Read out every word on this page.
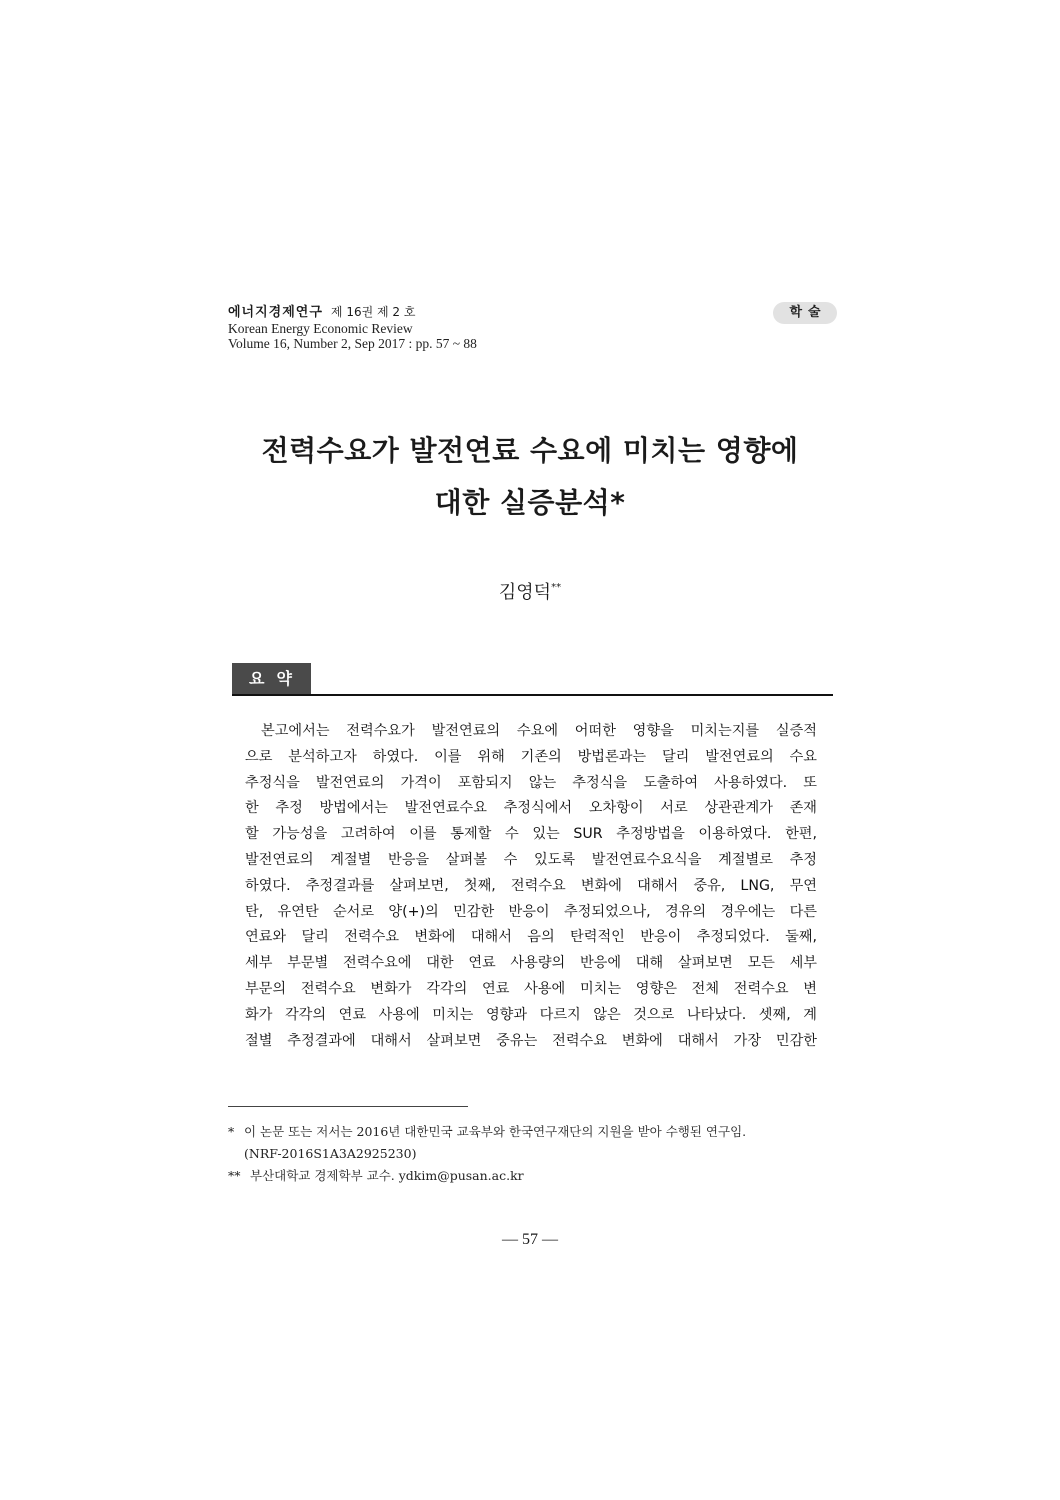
에너지경제연구 제 16권 제 2 호
Korean Energy Economic Review
Volume 16, Number 2, Sep 2017 : pp. 57 ~ 88
학술
전력수요가 발전연료 수요에 미치는 영향에
대한 실증분석*
김영덕**
요약
본고에서는 전력수요가 발전연료의 수요에 어떠한 영향을 미치는지를 실증적
으로 분석하고자 하였다. 이를 위해 기존의 방법론과는 달리 발전연료의 수요
추정식을 발전연료의 가격이 포함되지 않는 추정식을 도출하여 사용하였다. 또
한 추정 방법에서는 발전연료수요 추정식에서 오차항이 서로 상관관계가 존재
할 가능성을 고려하여 이를 통제할 수 있는 SUR 추정방법을 이용하였다. 한편,
발전연료의 계절별 반응을 살펴볼 수 있도록 발전연료수요식을 계절별로 추정
하였다. 추정결과를 살펴보면, 첫째, 전력수요 변화에 대해서 중유, LNG, 무연
탄, 유연탄 순서로 양(+)의 민감한 반응이 추정되었으나, 경유의 경우에는 다른
연료와 달리 전력수요 변화에 대해서 음의 탄력적인 반응이 추정되었다. 둘째,
세부 부문별 전력수요에 대한 연료 사용량의 반응에 대해 살펴보면 모든 세부
부문의 전력수요 변화가 각각의 연료 사용에 미치는 영향은 전체 전력수요 변
화가 각각의 연료 사용에 미치는 영향과 다르지 않은 것으로 나타났다. 셋째, 계
절별 추정결과에 대해서 살펴보면 중유는 전력수요 변화에 대해서 가장 민감한
* 이 논문 또는 저서는 2016년 대한민국 교육부와 한국연구재단의 지원을 받아 수행된 연구임.
(NRF-2016S1A3A2925230)
** 부산대학교 경제학부 교수. ydkim@pusan.ac.kr
— 57 —
